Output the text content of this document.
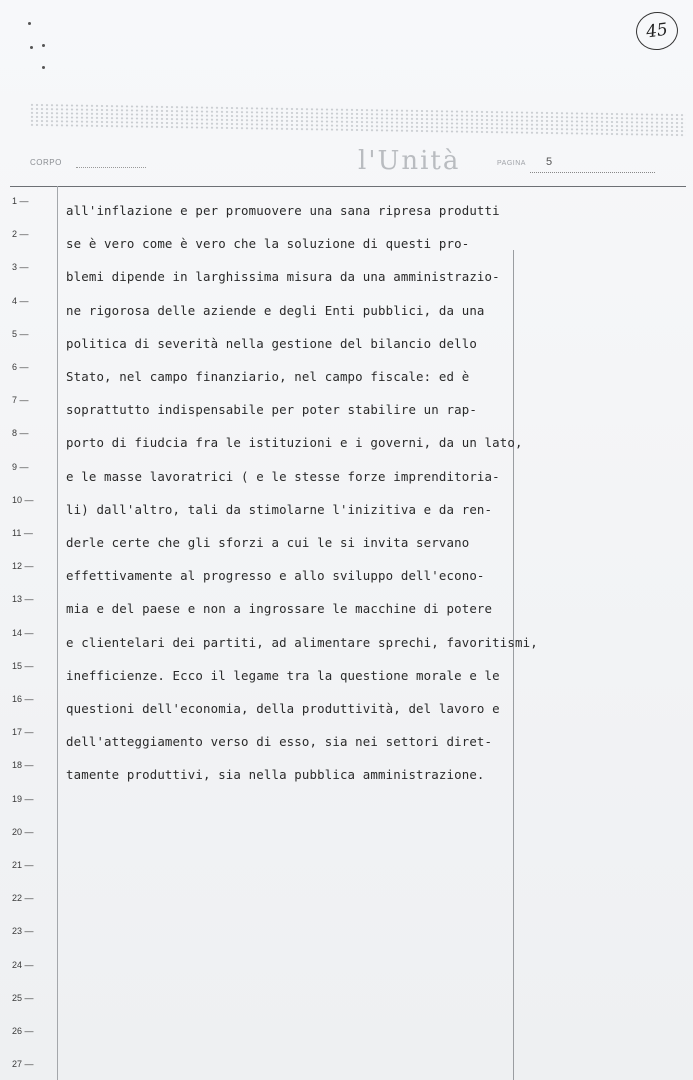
45
CORPO	l'Unità	PAGINA 5
1 —
2 —
3 —
4 —
5 —
6 —
7 —
8 —
9 —
10 —
11 —
12 —
13 —
14 —
15 —
16 —
17 —
18 —
19 —
20 —
21 —
22 —
23 —
24 —
25 —
26 —
27 —
all'inflazione e per promuovere una sana ripresa produtti
se è vero come è vero che la soluzione di questi pro-
blemi dipende in larghissima misura da una amministrazio-
ne rigorosa delle aziende e degli Enti pubblici, da una
politica di severità nella gestione del bilancio dello
Stato, nel campo finanziario, nel campo fiscale: ed è
soprattutto indispensabile per poter stabilire un rap-
porto di fiudcia fra le istituzioni e i governi, da un lato,
e le masse lavoratrici ( e le stesse forze imprenditoria-
li) dall'altro, tali da stimolarne l'inizitiva e da ren-
derle certe che gli sforzi a cui le si invita servano
effettivamente al progresso e allo sviluppo dell'econo-
mia e del paese e non a ingrossare le macchine di potere
e clientelari dei partiti, ad alimentare sprechi, favoritismi,
inefficienze. Ecco il legame tra la questione morale e le
questioni dell'economia, della produttività, del lavoro e
dell'atteggiamento verso di esso, sia nei settori diret-
tamente produttivi, sia nella pubblica amministrazione.
